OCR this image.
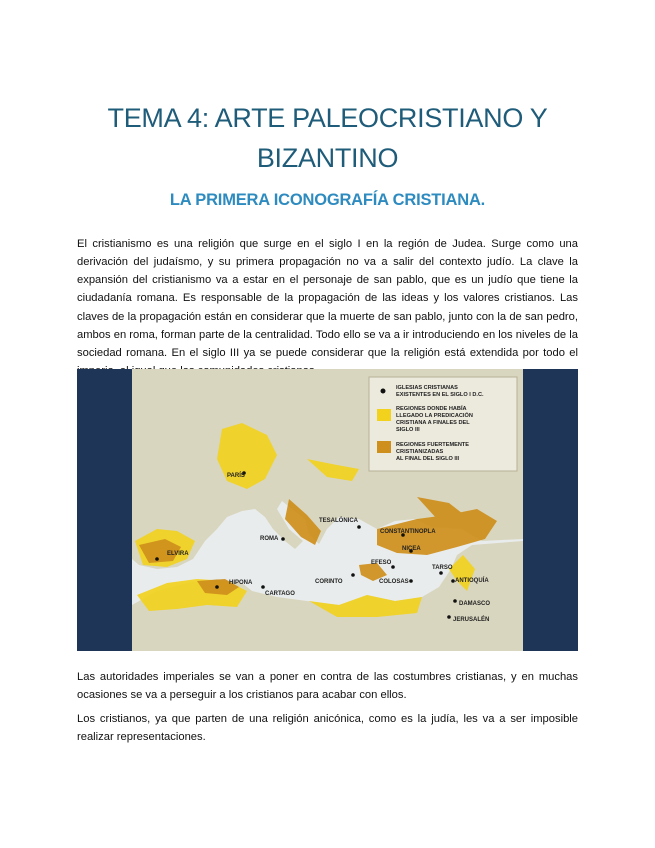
TEMA 4: ARTE PALEOCRISTIANO Y BIZANTINO
LA PRIMERA ICONOGRAFÍA CRISTIANA.

El cristianismo es una religión que surge en el siglo I en la región de Judea. Surge como una derivación del judaísmo, y su primera propagación no va a salir del contexto judío. La clave la expansión del cristianismo va a estar en el personaje de san pablo, que es un judío que tiene la ciudadanía romana. Es responsable de la propagación de las ideas y los valores cristianos. Las claves de la propagación están en considerar que la muerte de san pablo, junto con la de san pedro, ambos en roma, forman parte de la centralidad. Todo ello se va a ir introduciendo en los niveles de la sociedad romana. En el siglo III ya se puede considerar que la religión está extendida por todo el

IGLESIAS CRISTIANAS
EXISTENTES EN EL SIGLO I D.C.
REGIONES DONDE HABÍA
LLEGADO LA PREDICACIÓN
CRISTIANA A FINALES DEL
SIGLO III
REGIONES FUERTEMENTE
CRISTIANIZADAS
AL FINAL DEL SIGLO III
PARÍS
ROMA
TESALÓNICA
CONSTANTINOPLA
NICEA
TARSO
EFESO
CORINTO	COLOSAS	ANTIOQUÍA
ELVIRA
HIPONA
CARTAGO
DAMASCO
JERUSALÉN

Las autoridades imperiales se van a poner en contra de las costumbres cristianas, y en muchas ocasiones se va a perseguir a los cristianos para acabar con ellos.

Los cristianos, ya que parten de una religión anicónica, como es la judía, les va a ser imposible realizar representaciones.
